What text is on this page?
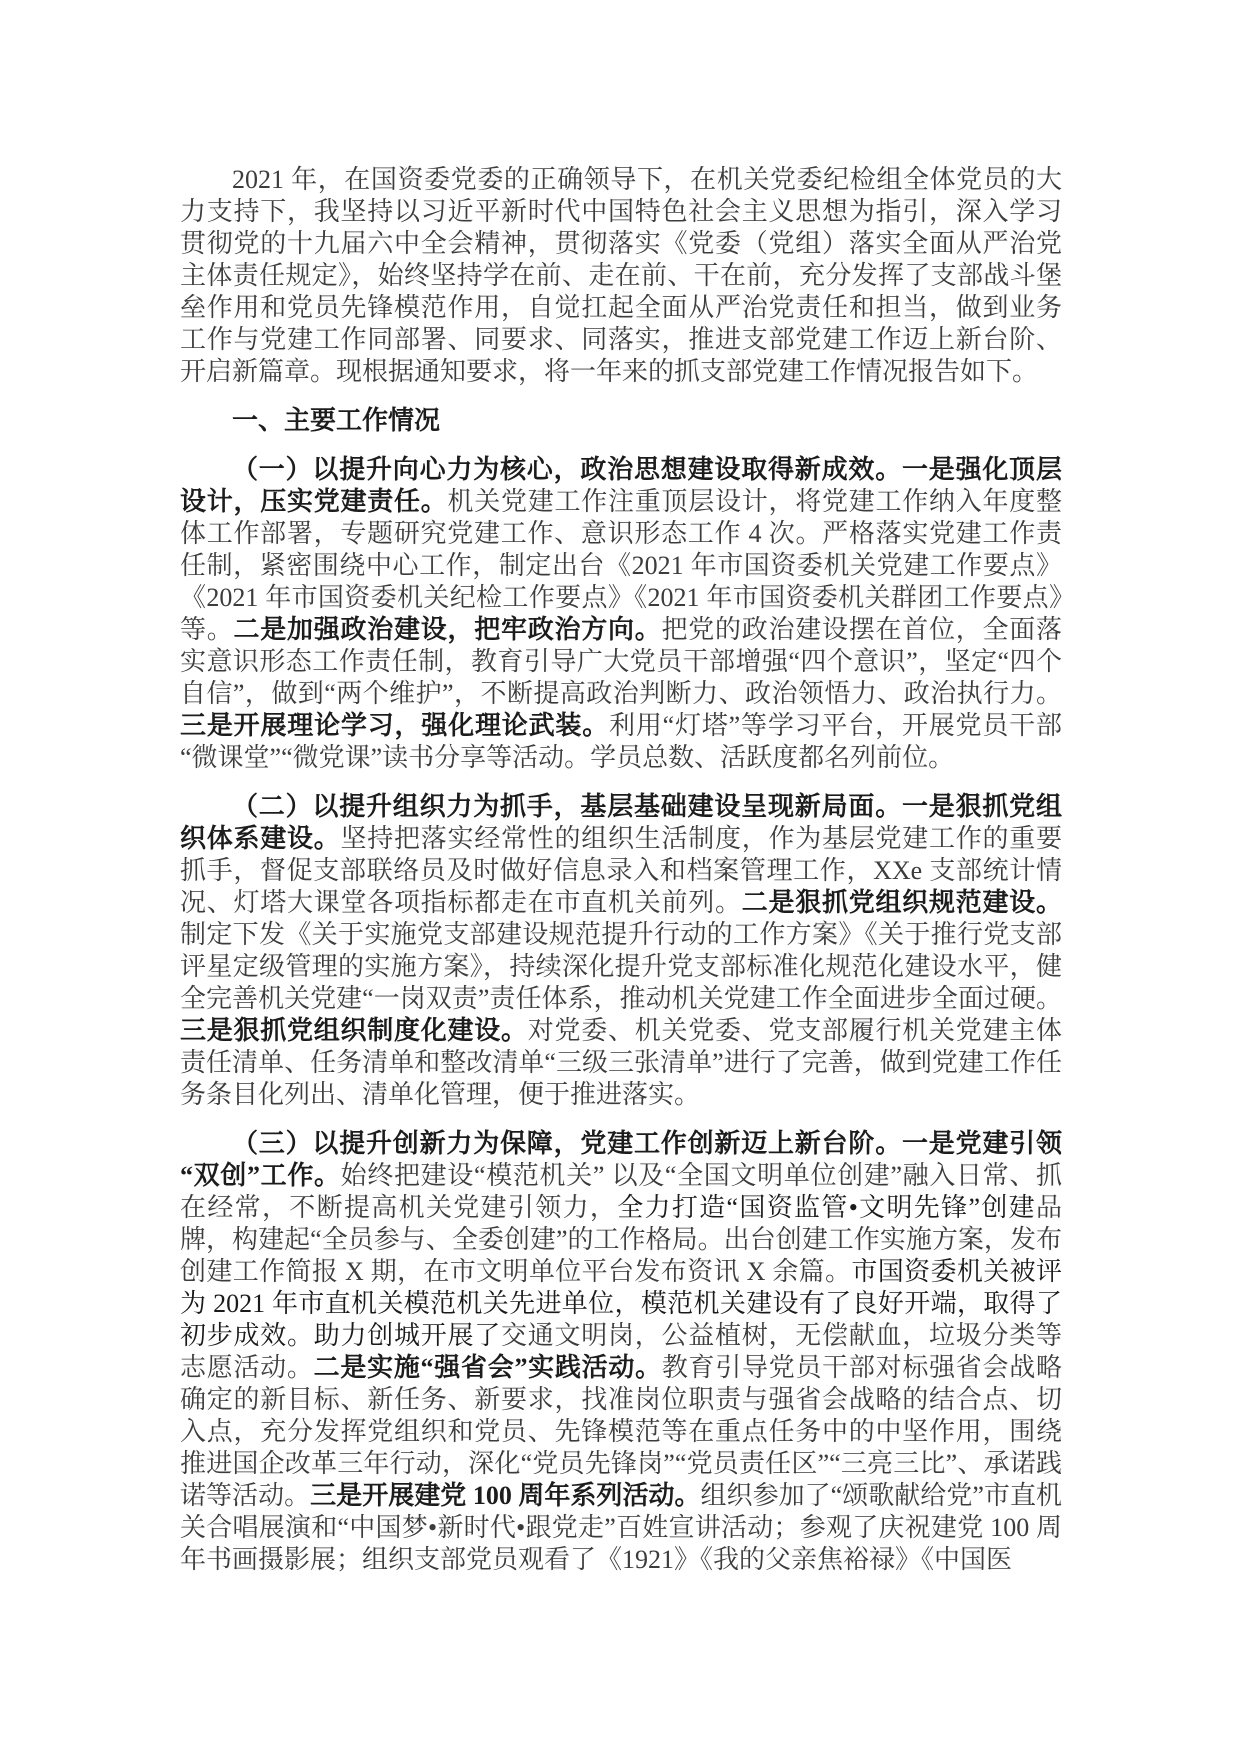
2021 年，在国资委党委的正确领导下，在机关党委纪检组全体党员的大力支持下，我坚持以习近平新时代中国特色社会主义思想为指引，深入学习贯彻党的十九届六中全会精神，贯彻落实《党委（党组）落实全面从严治党主体责任规定》，始终坚持学在前、走在前、干在前，充分发挥了支部战斗堡垒作用和党员先锋模范作用，自觉扛起全面从严治党责任和担当，做到业务工作与党建工作同部署、同要求、同落实，推进支部党建工作迈上新台阶、开启新篇章。现根据通知要求，将一年来的抓支部党建工作情况报告如下。

一、主要工作情况

（一）以提升向心力为核心，政治思想建设取得新成效。一是强化顶层设计，压实党建责任。机关党建工作注重顶层设计，将党建工作纳入年度整体工作部署，专题研究党建工作、意识形态工作 4 次。严格落实党建工作责任制，紧密围绕中心工作，制定出台《2021 年市国资委机关党建工作要点》《2021 年市国资委机关纪检工作要点》《2021 年市国资委机关群团工作要点》等。二是加强政治建设，把牢政治方向。把党的政治建设摆在首位，全面落实意识形态工作责任制，教育引导广大党员干部增强“四个意识”，坚定“四个自信”，做到“两个维护”，不断提高政治判断力、政治领悟力、政治执行力。三是开展理论学习，强化理论武装。利用“灯塔”等学习平台，开展党员干部“微课堂”“微党课”读书分享等活动。学员总数、活跃度都名列前位。

（二）以提升组织力为抓手，基层基础建设呈现新局面。一是狠抓党组织体系建设。坚持把落实经常性的组织生活制度，作为基层党建工作的重要抓手，督促支部联络员及时做好信息录入和档案管理工作，XXe 支部统计情况、灯塔大课堂各项指标都走在市直机关前列。二是狠抓党组织规范建设。制定下发《关于实施党支部建设规范提升行动的工作方案》《关于推行党支部评星定级管理的实施方案》，持续深化提升党支部标准化规范化建设水平，健全完善机关党建“一岗双责”责任体系，推动机关党建工作全面进步全面过硬。三是狠抓党组织制度化建设。对党委、机关党委、党支部履行机关党建主体责任清单、任务清单和整改清单“三级三张清单”进行了完善，做到党建工作任务条目化列出、清单化管理，便于推进落实。

（三）以提升创新力为保障，党建工作创新迈上新台阶。一是党建引领“双创”工作。始终把建设“模范机关” 以及“全国文明单位创建”融入日常、抓在经常，不断提高机关党建引领力，全力打造“国资监管•文明先锋”创建品牌，构建起“全员参与、全委创建”的工作格局。出台创建工作实施方案，发布创建工作简报 X 期，在市文明单位平台发布资讯 X 余篇。市国资委机关被评为 2021 年市直机关模范机关先进单位，模范机关建设有了良好开端，取得了初步成效。助力创城开展了交通文明岗，公益植树，无偿献血，垃圾分类等志愿活动。二是实施“强省会”实践活动。教育引导党员干部对标强省会战略确定的新目标、新任务、新要求，找准岗位职责与强省会战略的结合点、切入点，充分发挥党组织和党员、先锋模范等在重点任务中的中坚作用，围绕推进国企改革三年行动，深化“党员先锋岗”“党员责任区”“三亮三比”、承诺践诺等活动。三是开展建党 100 周年系列活动。组织参加了“颂歌献给党”市直机关合唱展演和“中国梦•新时代•跟党走”百姓宣讲活动；参观了庆祝建党 100 周年书画摄影展；组织支部党员观看了《1921》《我的父亲焦裕禄》《中国医
